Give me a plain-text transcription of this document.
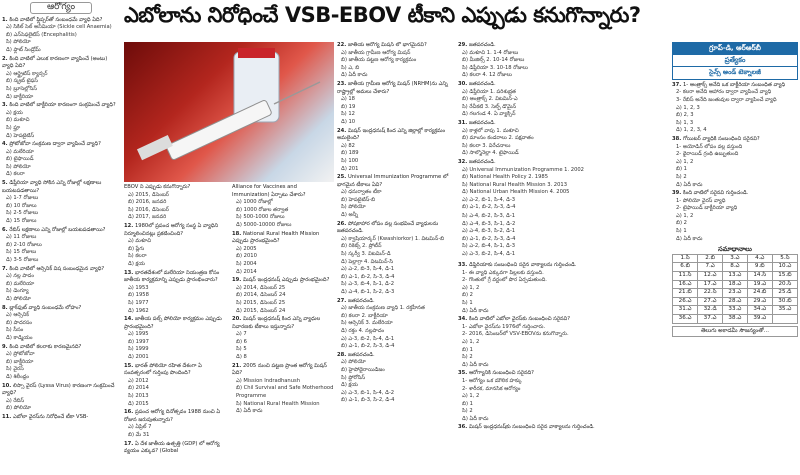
ఎబోలాను నిరోధించే VSB-EBOV టీకాని ఎప్పుడు కనుగొన్నారు?
ఆరోగ్యం
1. కింది వాటిలో ఫ్లిప్పర్‌తో సంబంధమే వ్యాధి ఏది?
ఎ) సికిల్ సెల్ అనీమియా (Sickle cell Anaemia)
బి) ఎన్‌సెఫలైటిస్ (Encephalitis)
సి) పోలియో
డి) ఫ్లాట్ సిండ్రోమ్
2. కింది వాటిలో ఎలుక కారణంగా వ్యాపించే (అంటు) వ్యాధి ఏది?
ఎ) ఆర్థ్రైటిస్ క్యాన్సర్
బి) స్క్రబ్ టైఫస్
సి) బ్రూసెల్లోసిస్
డి) బాక్టీరియా
3. కింది వాటిలో బాక్టీరియా కారణంగా సంక్రమించే వ్యాధి?
ఎ) క్షయ
బి) మశూచి
సి) ఫ్లూ
డి) హెపటైటిస్
4. ప్రోటోజోవా సంక్రమణ ద్వారా వ్యాపించే వ్యాధి?
ఎ) మలేరియా
బి) టైఫాయిడ్
సి) పోలియో
డి) కలరా
5. డిఫ్తీరియా వ్యాధి సోకిన ఎన్ని రోజుల్లో లక్షణాలు బయటపడతాయి?
ఎ) 1-7 రోజులు
బి) 10 రోజులు
సి) 2-5 రోజులు
డి) 15 రోజులు
6. రేబిస్ లక్షణాలు ఎన్ని రోజుల్లో బయటపడతాయి?
ఎ) 11 రోజులు
బి) 2-10 రోజులు
సి) 15 రోజులు
డి) 3-5 రోజులు
7. కింది వాటిలో ఆర్సెనిక్ విష సంబంధమైన వ్యాధి?
ఎ) నల్ల పాదం
బి) మలేరియా
సి) డెంగ్యూ
డి) పోలియో
8. బ్లాక్‌ఫుట్ వ్యాధి సంబంధమే లోహం?
ఎ) ఆర్సెనిక్
బి) పాదరసం
సి) సీసం
డి) కాడ్మియం
9. కింది వాటిలో కలరాకు కారణమైనది?
ఎ) ప్రోటోజోవా
బి) బాక్టీరియా
సి) వైరస్
డి) శిలీంధ్రం
10. లిస్సా వైరస్ (Lyssa Virus) కారణంగా సంక్రమించే వ్యాధి?
ఎ) రేబిస్
బి) పోలియో
11. ఎబోలా వైరస్‌ను నిరోధించే టీకా VSB-
EBOV ని ఎప్పుడు కనుగొన్నారు?
ఎ) 2015, డిసెంబర్
బి) 2016, జనవరి
సి) 2016, డిసెంబర్
డి) 2017, జనవరి
12. 1980లో ప్రపంచ ఆరోగ్య సంస్థ ఏ వ్యాధిని నిర్మూలించినట్లు ప్రకటించింది?
ఎ) మశూచి
బి) ప్లేగు
సి) కలరా
డి) క్షయ
13. భారతదేశంలో మలేరియా నియంత్రణ కోసం జాతీయ కార్యక్రమాన్ని ఎప్పుడు ప్రారంభించారు?
ఎ) 1953
బి) 1958
సి) 1977
డి) 1962
14. జాతీయ పల్స్ పోలియో కార్యక్రమం ఎప్పుడు ప్రారంభమైంది?
ఎ) 1995
బి) 1997
సి) 1999
డి) 2001
15. భారత్ పోలియో రహిత దేశంగా ఏ సంవత్సరంలో గుర్తింపు పొందింది?
ఎ) 2012
బి) 2014
సి) 2013
డి) 2015
16. ప్రపంచ ఆరోగ్య దినోత్సవం 1988 నుంచి ఏ రోజున జరుపుతున్నారు?
ఎ) ఏప్రిల్ 7
బి) మే 31
17. ఏ దేశ జాతీయ ఉత్పత్తి (GDP) లో ఆరోగ్య వ్యయం ఎక్కువ? (Global
Alliance for Vaccines and Immunization) ఏర్పాటు చేశారు?
ఎ) 1000 రోజుల్లో
బి) 1000 రోజుల తర్వాత
సి) 500-1000 రోజులు
డి) 5000-10000 రోజులు
18. National Rural Health Mission ఎప్పుడు ప్రారంభమైంది?
ఎ) 2005
బి) 2010
సి) 2004
డి) 2014
19. మిషన్ ఇంద్రధనుష్ ఎప్పుడు ప్రారంభమైంది?
ఎ) 2014, డిసెంబర్ 25
బి) 2014, డిసెంబర్ 24
సి) 2015, డిసెంబర్ 25
డి) 2015, డిసెంబర్ 24
20. మిషన్ ఇంద్రధనుష్ కింద ఎన్ని వ్యాధుల నివారణకు టీకాలు ఇస్తున్నారు?
ఎ) 7
బి) 6
సి) 5
డి) 8
21. 2005 నుంచి పట్టణ ప్రాంత ఆరోగ్య మిషన్ ఏది?
ఎ) Mission Indradhanush
బి) Chil Survival and Safe Motherhood Programme
సి) National Rural Health Mission
డి) ఏదీ కాదు
22. జాతీయ ఆరోగ్య మిషన్ లో భాగమైనవి?
ఎ) జాతీయ గ్రామీణ ఆరోగ్య మిషన్
బి) జాతీయ పట్టణ ఆరోగ్య కార్యక్రమం
సి) ఎ, బి
డి) ఏదీ కాదు
23. జాతీయ గ్రామీణ ఆరోగ్య మిషన్ (NRHM)ను ఎన్ని రాష్ట్రాల్లో అమలు చేశారు?
ఎ) 18
బి) 19
సి) 12
డి) 10
24. మిషన్ ఇంద్రధనుష్ కింద ఎన్ని జిల్లాల్లో కార్యక్రమం అమలైంది?
ఎ) 82
బి) 189
సి) 100
డి) 201
25. Universal Immunization Programme లో భాగమైన టీకాలు ఏవి?
ఎ) ధనుర్వాతం టీకా
బి) హెపటైటిస్-బి
సి) పోలియో
డి) అన్నీ
26. పోషకాహార లోపం వల్ల సంభవించే వ్యాధులను జతపరచండి.
ఎ) క్వాషియార్కర్ (Kwashiorkor) 1. విటమిన్-బి
బి) రికెట్స్ 2. ప్రోటీన్
సి) స్కర్వీ 3. విటమిన్-డి
డి) పెల్లాగ్రా 4. విటమిన్-సి
ఎ) ఎ-2, బి-3, సి-4, డి-1
బి) ఎ-1, బి-2, సి-3, డి-4
సి) ఎ-3, బి-4, సి-1, డి-2
డి) ఎ-4, బి-1, సి-2, డి-3
27. జతపరచండి.
ఎ) జాతీయ సంక్రమణ వ్యాధి 1. రక్తహీనత
బి) కలరా 2. బాక్టీరియా
సి) ఆర్సెనిక్ 3. మలేరియా
డి) రక్తం 4. నల్లపాదం
ఎ) ఎ-3, బి-2, సి-4, డి-1
బి) ఎ-1, బి-2, సి-3, డి-4
28. జతపరచండి.
ఎ) పోలియో
బి) హైపోథైరాయిడిజం
సి) ఫ్లోరోసిస్
డి) క్షయ
ఎ) ఎ-3, బి-1, సి-4, డి-2
బి) ఎ-1, బి-3, సి-2, డి-4
29. జతపరచండి.
ఎ) మశూచి 1. 1-4 రోజులు
బి) మీజిల్స్ 2. 10-14 రోజులు
సి) డిఫ్తీరియా 3. 10-18 రోజులు
డి) కలరా 4. 12 రోజులు
30. జతపరచండి.
ఎ) డిఫ్తీరియా 1. పరిశుభ్రత
బి) ఆంత్రాక్స్ 2. విటమిన్-ఎ
సి) రేచీకటి 3. సెల్ఫ్ డొమైన్
డి) గలగండ 4. ఏ వ్యాక్సిన్
31. జతపరచండి.
ఎ) కాళ్లలో వాపు 1. మశూచి
బి) మాంసం కండరాలు 2. పక్షవాతం
సి) కలరా 3. విరేచనాలు
డి) సాల్మొనెల్లా 4. టైఫాయిడ్
32. జతపరచండి.
ఎ) Universal Immunization Programme 1. 2002
బి) National Health Policy 2. 1985
సి) National Rural Health Mission 3. 2013
డి) National Urban Health Mission 4. 2005
ఎ) ఎ-2, బి-1, సి-4, డి-3
బి) ఎ-1, బి-2, సి-3, డి-4
సి) ఎ-4, బి-2, సి-3, డి-1
డి) ఎ-4, బి-3, సి-1, డి-2
ఎ) ఎ-4, బి-3, సి-2, డి-1
బి) ఎ-1, బి-2, సి-3, డి-4
సి) ఎ-2, బి-4, సి-1, డి-3
ఎ) ఎ-3, బి-2, సి-4, డి-1
33. డిఫ్తీరియాకు సంబంధించి సరైన వాక్యాలను గుర్తించండి.
1- ఈ వ్యాధి ఎక్కువగా పిల్లలకు వస్తుంది.
2- గొంతులో గ్రే వర్ణంలో పొర ఏర్పడుతుంది.
ఎ) 1, 2
బి) 2
సి) 1
డి) ఏదీ కాదు
34. కింది వాటిలో ఎబోలా వైరస్‌కు సంబంధించి సరైనవి?
1- ఎబోలా వైరస్‌ను 1976లో గుర్తించారు.
2- 2016, డిసెంబర్‌లో VSV-EBOVను కనుగొన్నారు.
ఎ) 1, 2
బి) 1
సి) 2
డి) ఏదీ కాదు
35. ఆరోగ్యానికి సంబంధించి సరైనది?
1- ఆరోగ్యం ఒక మౌలిక హక్కు
2- శారీరక, మానసిక ఆరోగ్యం
ఎ) 1, 2
బి) 1
సి) 2
డి) ఏదీ కాదు
36. మిషన్ ఇంద్రధనుష్‌కు సంబంధించి సరైన వాక్యాలను గుర్తించండి.
గ్రూప్-డి, ఆర్ఆర్‌బీ
ప్రత్యేకం
సైన్స్ అండ్ టెక్నాలజీ
37. 1- ఆంత్రాక్స్ అనేది ఒక బాక్టీరియా సంబంధిత వ్యాధి
2- కలరా అనేది ఆహారం ద్వారా వ్యాపించే వ్యాధి
3- రేబిస్ అనేది జంతువుల ద్వారా వ్యాపించే వ్యాధి
ఎ) 1, 2, 3
బి) 2, 3
సి) 1, 3
డి) 1, 2, 3, 4
38. గోయిటర్ వ్యాధికి సంబంధించి సరైనవి?
1- అయోడిన్ లోపం వల్ల వస్తుంది
2- థైరాయిడ్ గ్రంథి ఉబ్బుతుంది
ఎ) 1, 2
బి) 1
సి) 2
డి) ఏదీ కాదు
39. కింది వాటిలో సరైనవి గుర్తించండి.
1- పోలియో వైరస్ వ్యాధి
2- టైఫాయిడ్ బాక్టీరియా వ్యాధి
ఎ) 1, 2
బి) 2
సి) 1
డి) ఏదీ కాదు
సమాధానాలు
1.సి	2.బి	3.ఎ	4.ఎ	5.సి
6.బి	7.ఎ	8.ఎ	9.బి	10.ఎ
11.సి	12.ఎ	13.ఎ	14.సి	15.బి
16.ఎ	17.ఎ	18.ఎ	19.ఎ	20.సి
21.బి	22.సి	23.ఎ	24.బి	25.డి
26.ఎ	27.ఎ	28.ఎ	29.ఎ	30.బి
31.ఎ	32.డి	33.ఎ	34.ఎ	35.ఎ
36.ఎ	37.ఎ	38.ఎ	39.ఎ	
తెలుగు అకాడమీ సౌజన్యంతో...
